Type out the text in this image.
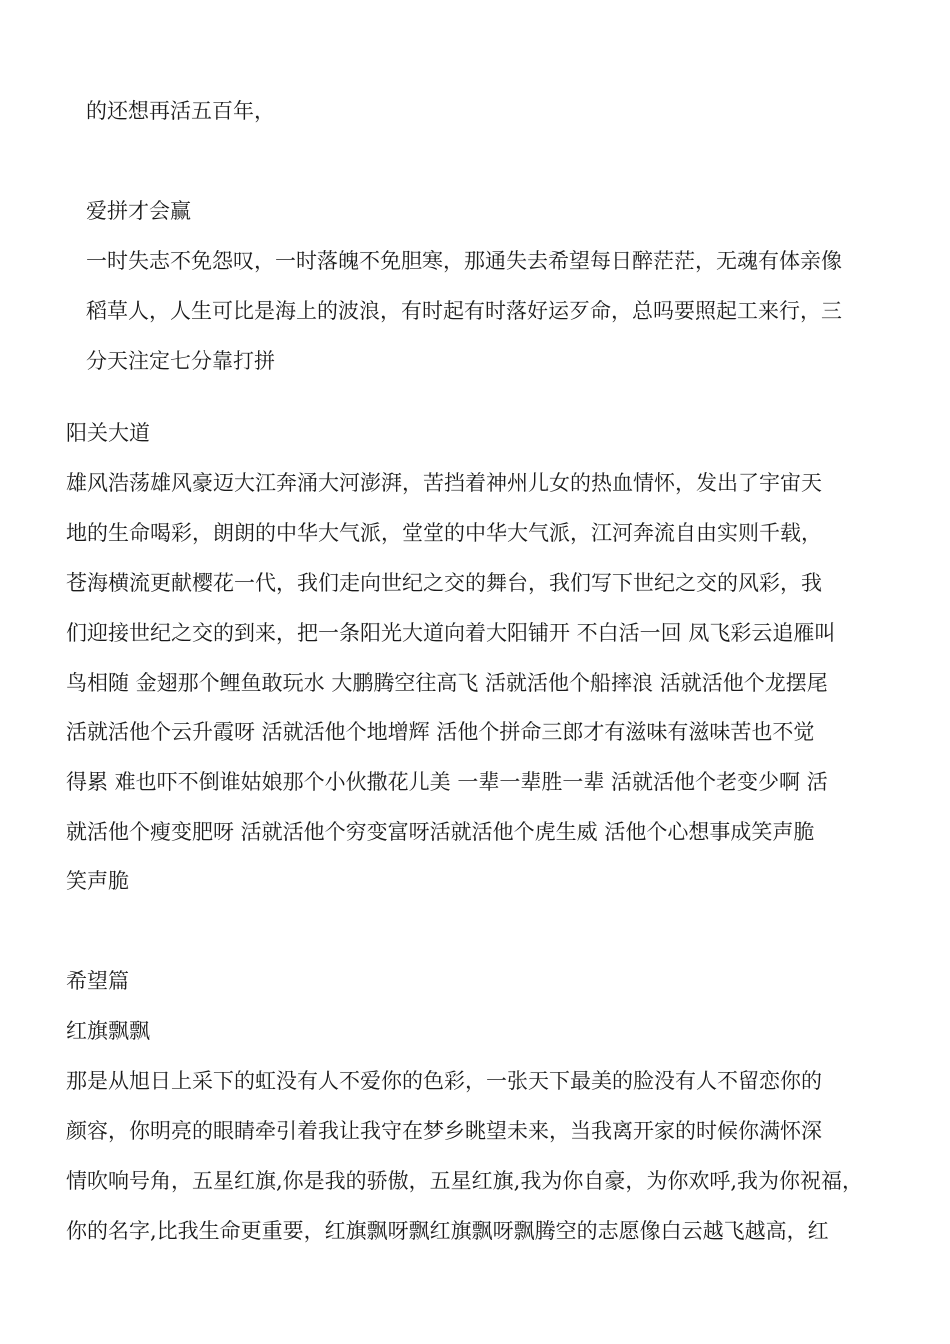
的还想再活五百年，

爱拼才会赢

一时失志不免怨叹，一时落魄不免胆寒，那通失去希望每日醉茫茫，无魂有体亲像

稻草人，人生可比是海上的波浪，有时起有时落好运歹命，总吗要照起工来行，三

分天注定七分靠打拼

阳关大道

雄风浩荡雄风豪迈大江奔涌大河澎湃，苦挡着神州儿女的热血情怀，发出了宇宙天

地的生命喝彩，朗朗的中华大气派，堂堂的中华大气派，江河奔流自由实则千载，

苍海横流更献樱花一代，我们走向世纪之交的舞台，我们写下世纪之交的风彩，我

们迎接世纪之交的到来，把一条阳光大道向着大阳铺开 不白活一回 凤飞彩云追雁叫

鸟相随 金翅那个鲤鱼敢玩水 大鹏腾空往高飞 活就活他个船摔浪 活就活他个龙摆尾

活就活他个云升霞呀 活就活他个地增辉 活他个拼命三郎才有滋味有滋味苦也不觉

得累 难也吓不倒谁姑娘那个小伙撒花儿美 一辈一辈胜一辈 活就活他个老变少啊 活

就活他个瘦变肥呀 活就活他个穷变富呀活就活他个虎生威 活他个心想事成笑声脆

笑声脆

希望篇

红旗飘飘

那是从旭日上采下的虹没有人不爱你的色彩，一张天下最美的脸没有人不留恋你的

颜容，你明亮的眼睛牵引着我让我守在梦乡眺望未来，当我离开家的时候你满怀深

情吹响号角，五星红旗,你是我的骄傲，五星红旗,我为你自豪，为你欢呼,我为你祝福，

你的名字,比我生命更重要，红旗飘呀飘红旗飘呀飘腾空的志愿像白云越飞越高，红
